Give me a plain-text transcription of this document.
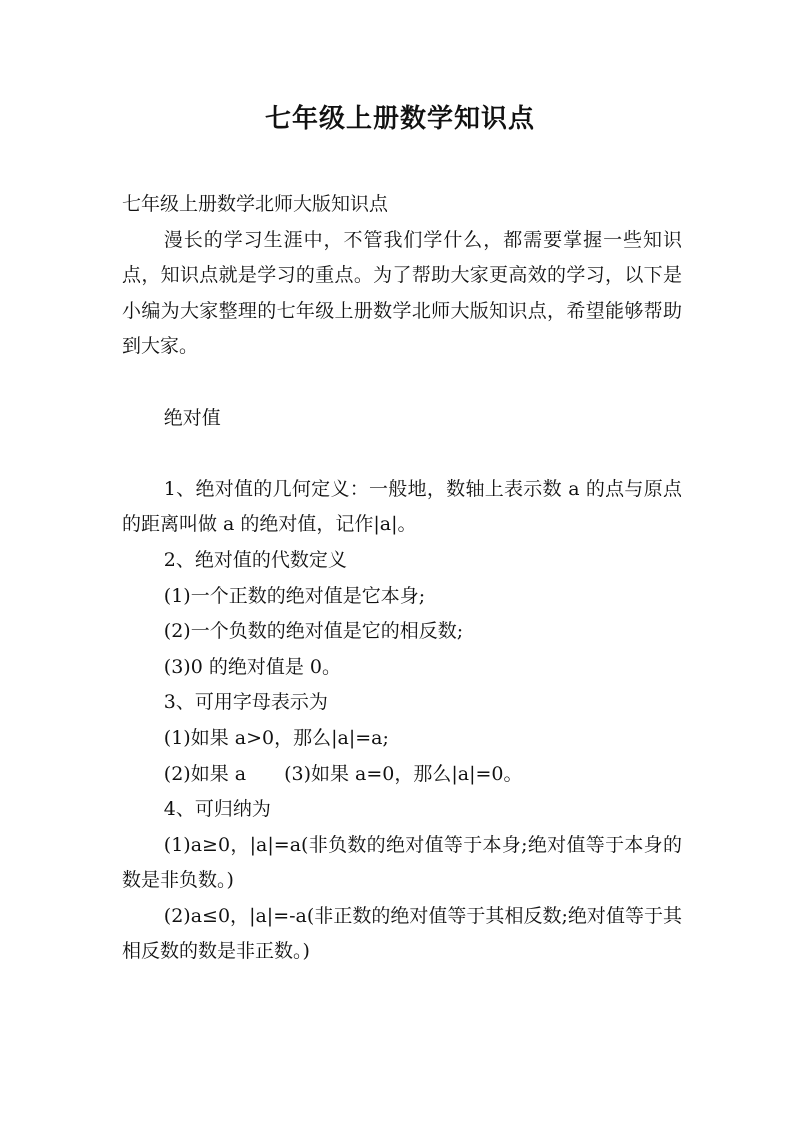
七年级上册数学知识点

七年级上册数学北师大版知识点

漫长的学习生涯中，不管我们学什么，都需要掌握一些知识点，知识点就是学习的重点。为了帮助大家更高效的学习，以下是小编为大家整理的七年级上册数学北师大版知识点，希望能够帮助到大家。

绝对值

1、绝对值的几何定义：一般地，数轴上表示数 a 的点与原点的距离叫做 a 的绝对值，记作|a|。

2、绝对值的代数定义

(1)一个正数的绝对值是它本身;

(2)一个负数的绝对值是它的相反数;

(3)0 的绝对值是 0。

3、可用字母表示为

(1)如果 a>0，那么|a|=a;

(2)如果 a　　(3)如果 a=0，那么|a|=0。

4、可归纳为

(1)a≥0，|a|=a(非负数的绝对值等于本身;绝对值等于本身的数是非负数。)

(2)a≤0，|a|=-a(非正数的绝对值等于其相反数;绝对值等于其相反数的数是非正数。)
